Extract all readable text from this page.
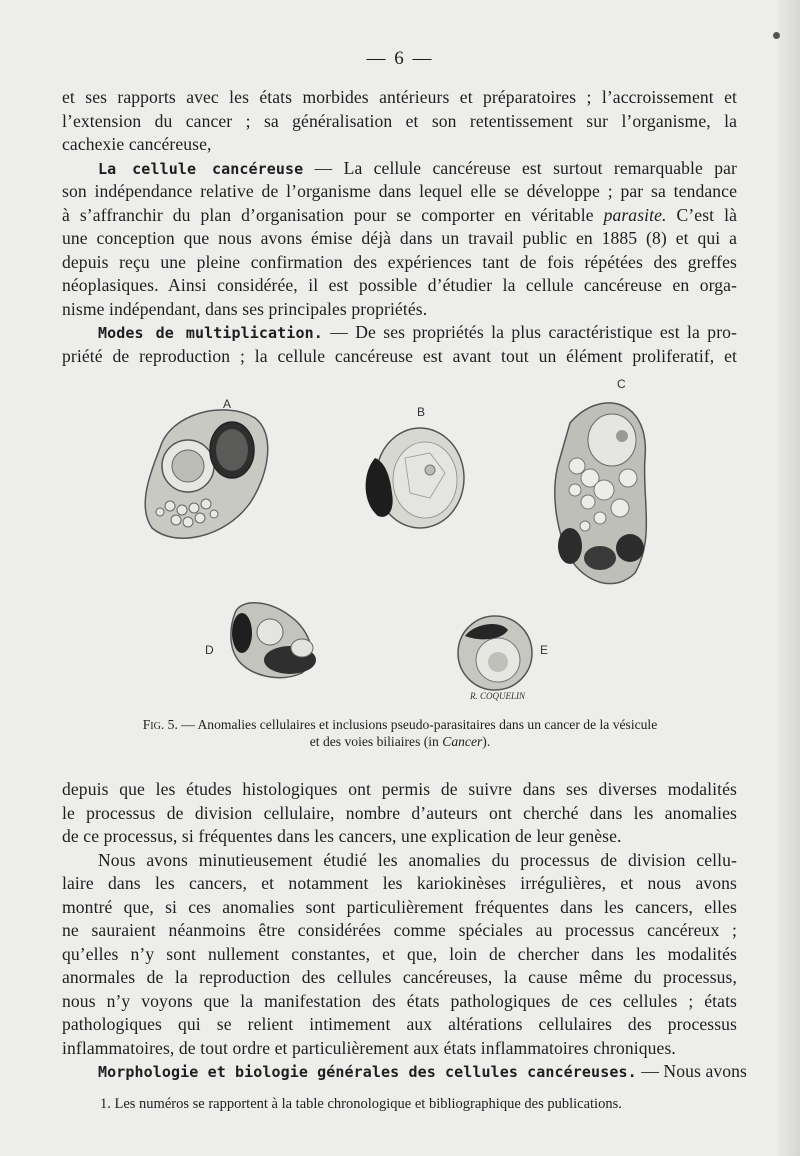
— 6 —
et ses rapports avec les états morbides antérieurs et préparatoires ; l’accroissement et
l’extension du cancer ; sa généralisation et son retentissement sur l’organisme, la
cachexie cancéreuse,
La cellule cancéreuse — La cellule cancéreuse est surtout remarquable par
son indépendance relative de l’organisme dans lequel elle se développe ; par sa tendance
à s’affranchir du plan d’organisation pour se comporter en véritable parasite. C’est là
une conception que nous avons émise déjà dans un travail public en 1885 (8) et qui a
depuis reçu une pleine confirmation des expériences tant de fois répétées des greffes
néoplasiques. Ainsi considérée, il est possible d’étudier la cellule cancéreuse en orga-
nisme indépendant, dans ses principales propriétés.
Modes de multiplication. — De ses propriétés la plus caractéristique est la pro-
priété de reproduction ; la cellule cancéreuse est avant tout un élément proliferatif, et
A
B
C
D	E
R. COQUELIN
Fig. 5. — Anomalies cellulaires et inclusions pseudo-parasitaires dans un cancer de la vésicule
et des voies biliaires (in Cancer).
depuis que les études histologiques ont permis de suivre dans ses diverses modalités
le processus de division cellulaire, nombre d’auteurs ont cherché dans les anomalies
de ce processus, si fréquentes dans les cancers, une explication de leur genèse.
Nous avons minutieusement étudié les anomalies du processus de division cellu-
laire dans les cancers, et notamment les kariokinèses irrégulières, et nous avons
montré que, si ces anomalies sont particulièrement fréquentes dans les cancers, elles
ne sauraient néanmoins être considérées comme spéciales au processus cancéreux ;
qu’elles n’y sont nullement constantes, et que, loin de chercher dans les modalités
anormales de la reproduction des cellules cancéreuses, la cause même du processus,
nous n’y voyons que la manifestation des états pathologiques de ces cellules ; états
pathologiques qui se relient intimement aux altérations cellulaires des processus
inflammatoires, de tout ordre et particulièrement aux états inflammatoires chroniques.
Morphologie et biologie générales des cellules cancéreuses. — Nous avons
1. Les numéros se rapportent à la table chronologique et bibliographique des publications.
